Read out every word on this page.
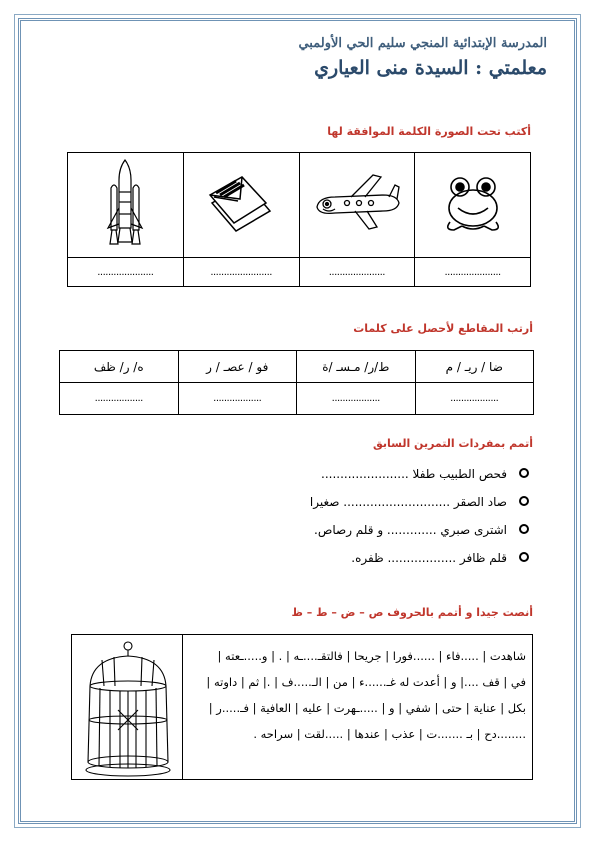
المدرسة الإبتدائية المنجي سليم الحي الأولمبي
معلمتي : السيدة منى العياري
أكتب تحت الصورة الكلمة الموافقة لها

.....................	.....................	.......................	.....................
أرتب المقاطع لأحصل على كلمات
ضا / ريـ / م	ط/ر/ مـسـ /ة	فو / عصـ / ر	ه/ ر/ ظف
..................	..................	..................	..................
أتمم بمفردات التمرين السابق
فحص الطبيب طفلا .......................
صاد الصقر ............................ صغيرا
اشترى صبري ............. و قلم رصاص.
قلم ظافر .................. ظفره.
أنصت جيدا و أتمم بالحروف ص – ض – ط – ظ
شاهدت | .....فاء | ......فورا | جريحا | فالتقـ....ـه | . | و.....ـعته |
في | قف ....| و | أعدت له غـ......ء | من | الـ.....ف | .| ثم | داوته |
بكل | عناية | حتى | شفي | و | .....ـهرت | عليه | العافية | فـ.....ر |
........دح | بـ .......ت | عذب | عندها | .....لقت | سراحه .
